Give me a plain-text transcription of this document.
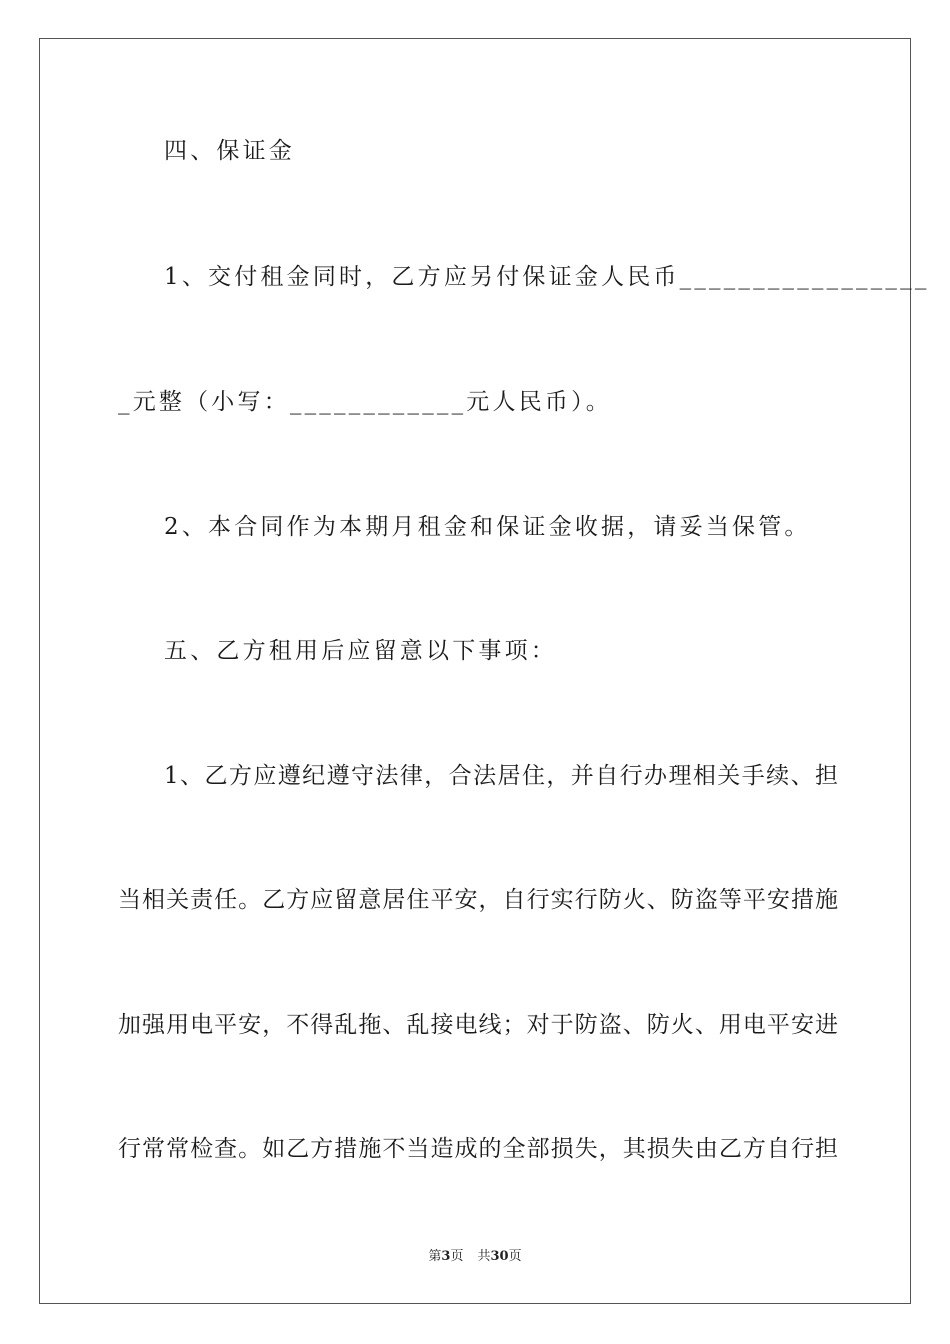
四、保证金
1、交付租金同时，乙方应另付保证金人民币_________________
_元整（小写：____________元人民币）。
2、本合同作为本期月租金和保证金收据，请妥当保管。
五、乙方租用后应留意以下事项：
1、乙方应遵纪遵守法律，合法居住，并自行办理相关手续、担
当相关责任。乙方应留意居住平安，自行实行防火、防盗等平安措施
加强用电平安，不得乱拖、乱接电线；对于防盗、防火、用电平安进
行常常检查。如乙方措施不当造成的全部损失，其损失由乙方自行担
第3页 共30页
